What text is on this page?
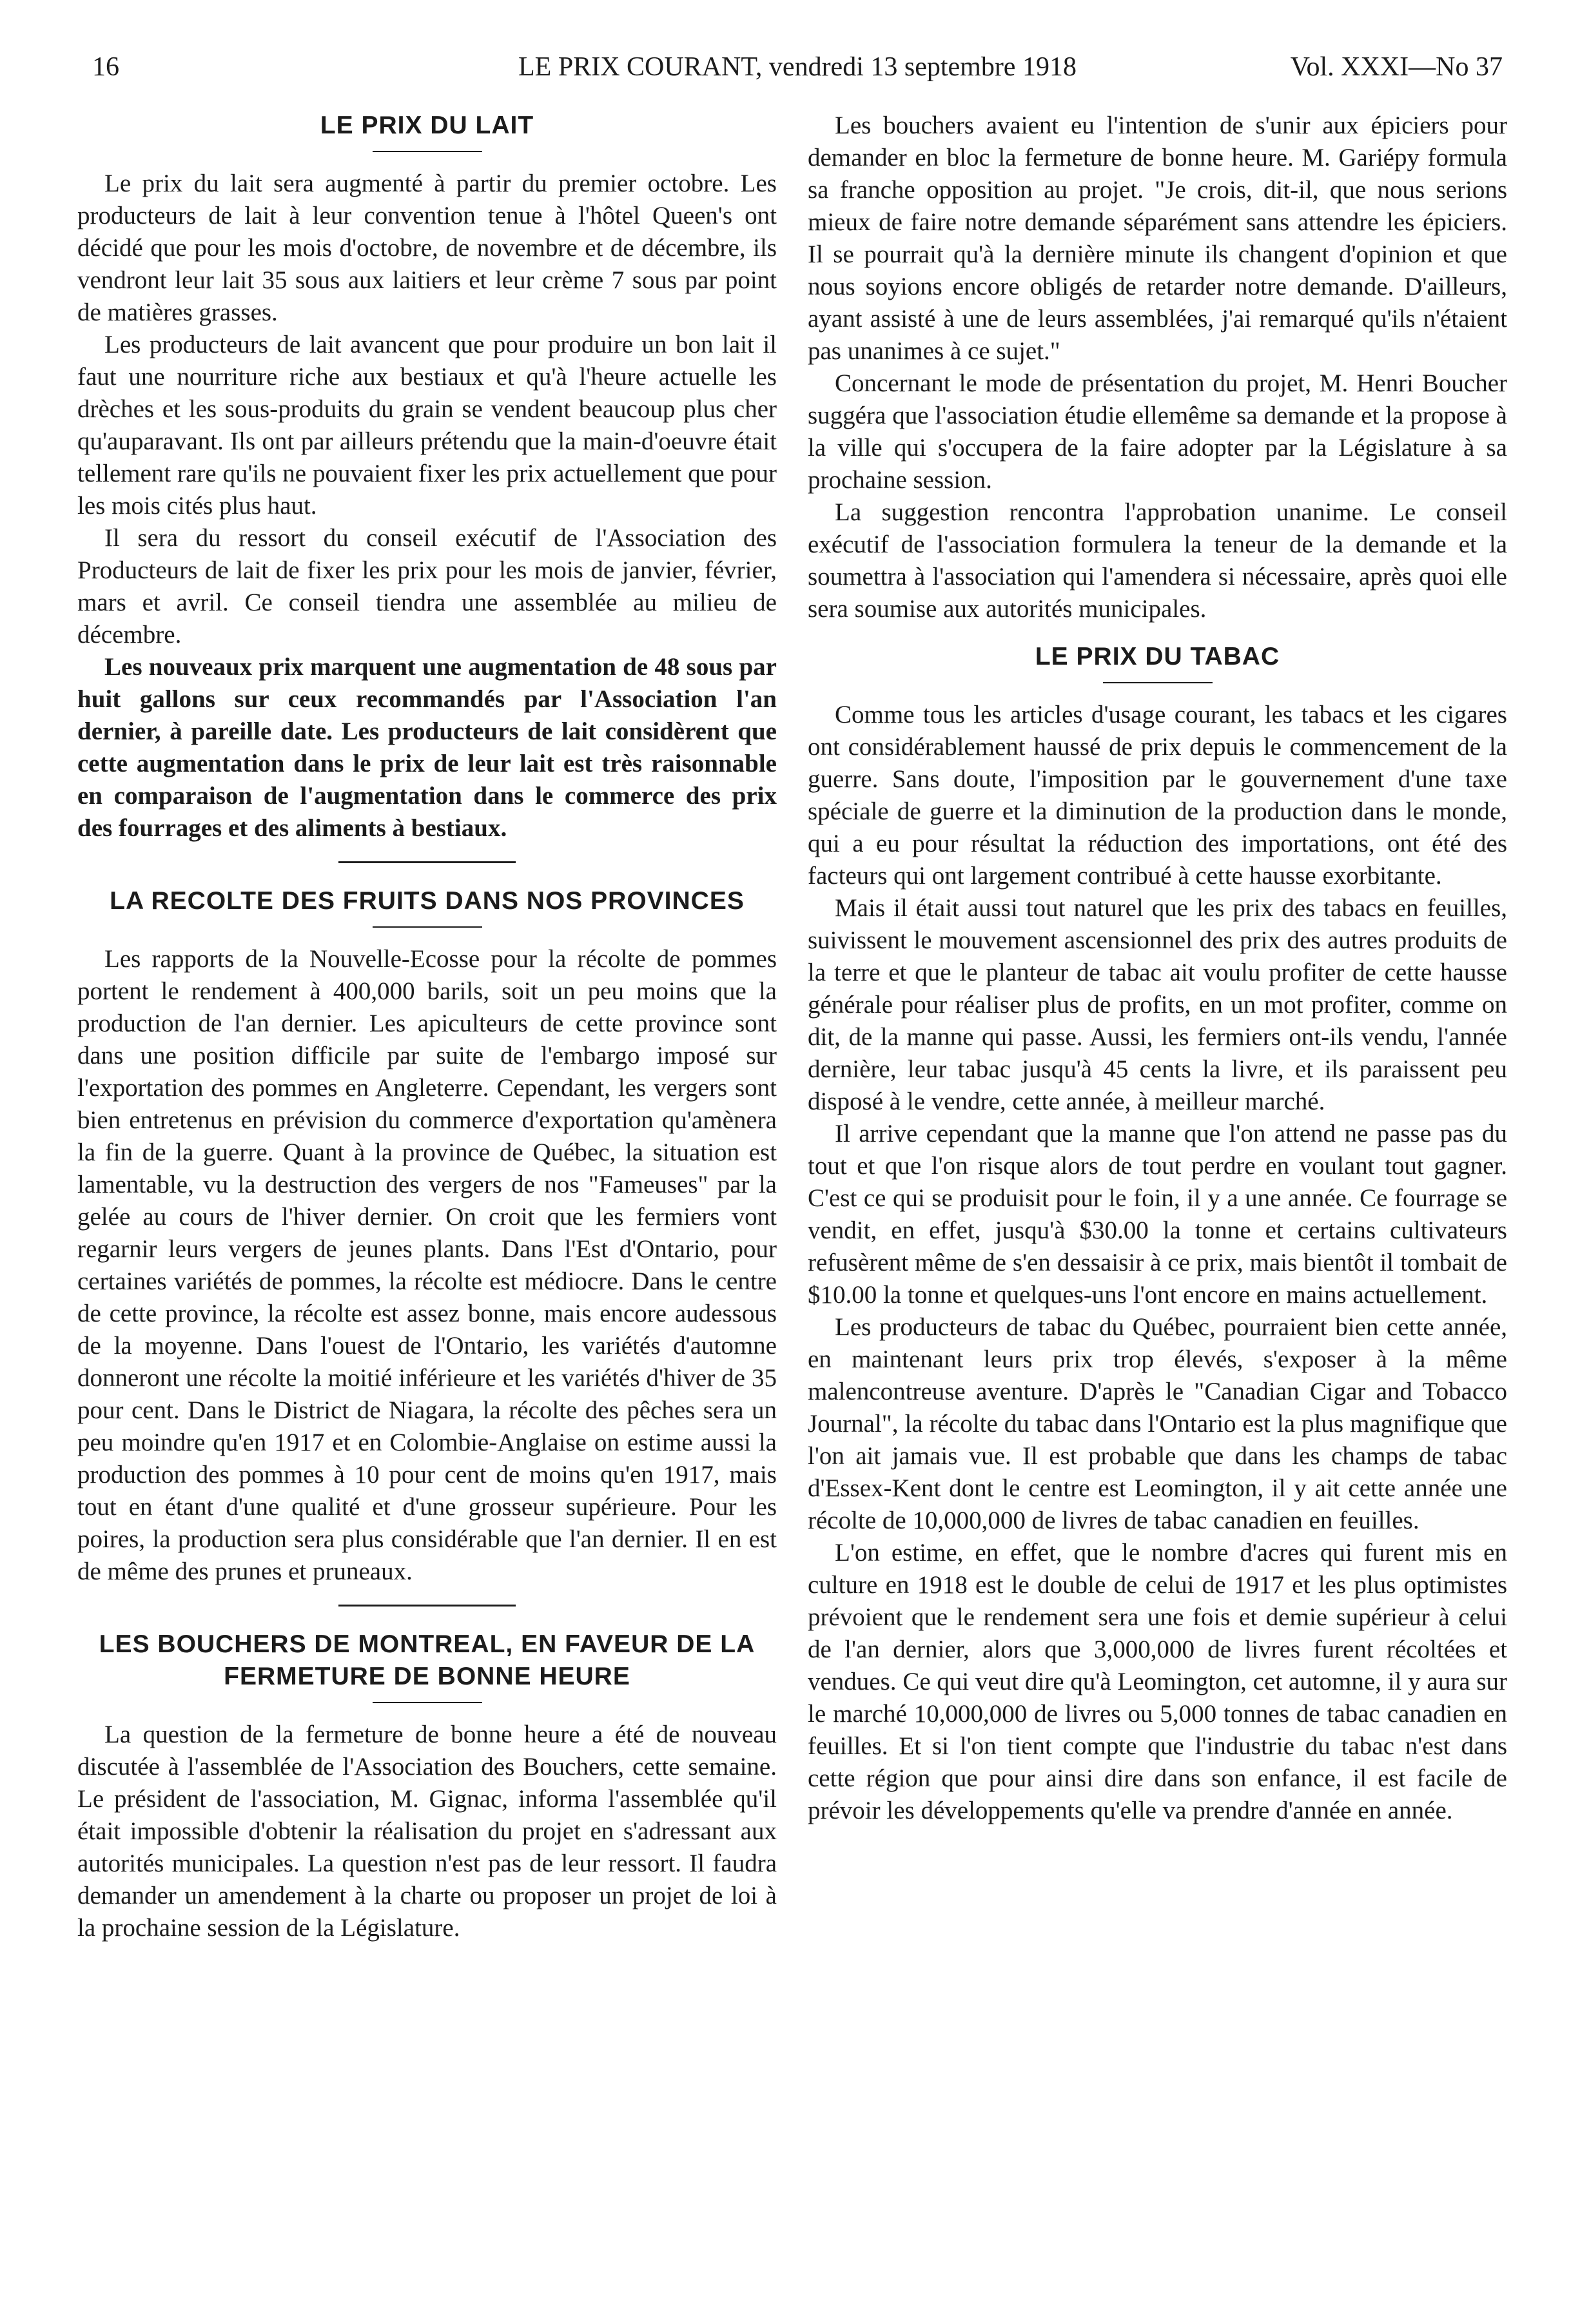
16	LE PRIX COURANT, vendredi 13 septembre 1918	Vol. XXXI—No 37
LE PRIX DU LAIT

Le prix du lait sera augmenté à partir du premier octobre. Les producteurs de lait à leur convention tenue à l'hôtel Queen's ont décidé que pour les mois d'octobre, de novembre et de décembre, ils vendront leur lait 35 sous aux laitiers et leur crème 7 sous par point de matières grasses.

Les producteurs de lait avancent que pour produire un bon lait il faut une nourriture riche aux bestiaux et qu'à l'heure actuelle les drèches et les sous-produits du grain se vendent beaucoup plus cher qu'auparavant. Ils ont par ailleurs prétendu que la main-d'oeuvre était tellement rare qu'ils ne pouvaient fixer les prix actuellement que pour les mois cités plus haut.

Il sera du ressort du conseil exécutif de l'Association des Producteurs de lait de fixer les prix pour les mois de janvier, février, mars et avril. Ce conseil tiendra une assemblée au milieu de décembre.

Les nouveaux prix marquent une augmentation de 48 sous par huit gallons sur ceux recommandés par l'Association l'an dernier, à pareille date. Les producteurs de lait considèrent que cette augmentation dans le prix de leur lait est très raisonnable en comparaison de l'augmentation dans le commerce des prix des fourrages et des aliments à bestiaux.

LA RECOLTE DES FRUITS DANS NOS PROVINCES

Les rapports de la Nouvelle-Ecosse pour la récolte de pommes portent le rendement à 400,000 barils, soit un peu moins que la production de l'an dernier. Les apiculteurs de cette province sont dans une position difficile par suite de l'embargo imposé sur l'exportation des pommes en Angleterre. Cependant, les vergers sont bien entretenus en prévision du commerce d'exportation qu'amènera la fin de la guerre. Quant à la province de Québec, la situation est lamentable, vu la destruction des vergers de nos "Fameuses" par la gelée au cours de l'hiver dernier. On croit que les fermiers vont regarnir leurs vergers de jeunes plants. Dans l'Est d'Ontario, pour certaines variétés de pommes, la récolte est médiocre. Dans le centre de cette province, la récolte est assez bonne, mais encore audessous de la moyenne. Dans l'ouest de l'Ontario, les variétés d'automne donneront une récolte la moitié inférieure et les variétés d'hiver de 35 pour cent. Dans le District de Niagara, la récolte des pêches sera un peu moindre qu'en 1917 et en Colombie-Anglaise on estime aussi la production des pommes à 10 pour cent de moins qu'en 1917, mais tout en étant d'une qualité et d'une grosseur supérieure. Pour les poires, la production sera plus considérable que l'an dernier. Il en est de même des prunes et pruneaux.

LES BOUCHERS DE MONTREAL, EN FAVEUR DE LA FERMETURE DE BONNE HEURE

La question de la fermeture de bonne heure a été de nouveau discutée à l'assemblée de l'Association des Bouchers, cette semaine. Le président de l'association, M. Gignac, informa l'assemblée qu'il était impossible d'obtenir la réalisation du projet en s'adressant aux autorités municipales. La question n'est pas de leur ressort. Il faudra demander un amendement à la charte ou proposer un projet de loi à la prochaine session de la Législature.

Les bouchers avaient eu l'intention de s'unir aux épiciers pour demander en bloc la fermeture de bonne heure. M. Gariépy formula sa franche opposition au projet. "Je crois, dit-il, que nous serions mieux de faire notre demande séparément sans attendre les épiciers. Il se pourrait qu'à la dernière minute ils changent d'opinion et que nous soyions encore obligés de retarder notre demande. D'ailleurs, ayant assisté à une de leurs assemblées, j'ai remarqué qu'ils n'étaient pas unanimes à ce sujet."

Concernant le mode de présentation du projet, M. Henri Boucher suggéra que l'association étudie ellemême sa demande et la propose à la ville qui s'occupera de la faire adopter par la Législature à sa prochaine session.

La suggestion rencontra l'approbation unanime. Le conseil exécutif de l'association formulera la teneur de la demande et la soumettra à l'association qui l'amendera si nécessaire, après quoi elle sera soumise aux autorités municipales.

LE PRIX DU TABAC

Comme tous les articles d'usage courant, les tabacs et les cigares ont considérablement haussé de prix depuis le commencement de la guerre. Sans doute, l'imposition par le gouvernement d'une taxe spéciale de guerre et la diminution de la production dans le monde, qui a eu pour résultat la réduction des importations, ont été des facteurs qui ont largement contribué à cette hausse exorbitante.

Mais il était aussi tout naturel que les prix des tabacs en feuilles, suivissent le mouvement ascensionnel des prix des autres produits de la terre et que le planteur de tabac ait voulu profiter de cette hausse générale pour réaliser plus de profits, en un mot profiter, comme on dit, de la manne qui passe. Aussi, les fermiers ont-ils vendu, l'année dernière, leur tabac jusqu'à 45 cents la livre, et ils paraissent peu disposé à le vendre, cette année, à meilleur marché.

Il arrive cependant que la manne que l'on attend ne passe pas du tout et que l'on risque alors de tout perdre en voulant tout gagner. C'est ce qui se produisit pour le foin, il y a une année. Ce fourrage se vendit, en effet, jusqu'à $30.00 la tonne et certains cultivateurs refusèrent même de s'en dessaisir à ce prix, mais bientôt il tombait de $10.00 la tonne et quelques-uns l'ont encore en mains actuellement.

Les producteurs de tabac du Québec, pourraient bien cette année, en maintenant leurs prix trop élevés, s'exposer à la même malencontreuse aventure. D'après le "Canadian Cigar and Tobacco Journal", la récolte du tabac dans l'Ontario est la plus magnifique que l'on ait jamais vue. Il est probable que dans les champs de tabac d'Essex-Kent dont le centre est Leomington, il y ait cette année une récolte de 10,000,000 de livres de tabac canadien en feuilles.

L'on estime, en effet, que le nombre d'acres qui furent mis en culture en 1918 est le double de celui de 1917 et les plus optimistes prévoient que le rendement sera une fois et demie supérieur à celui de l'an dernier, alors que 3,000,000 de livres furent récoltées et vendues. Ce qui veut dire qu'à Leomington, cet automne, il y aura sur le marché 10,000,000 de livres ou 5,000 tonnes de tabac canadien en feuilles. Et si l'on tient compte que l'industrie du tabac n'est dans cette région que pour ainsi dire dans son enfance, il est facile de prévoir les développements qu'elle va prendre d'année en année.
